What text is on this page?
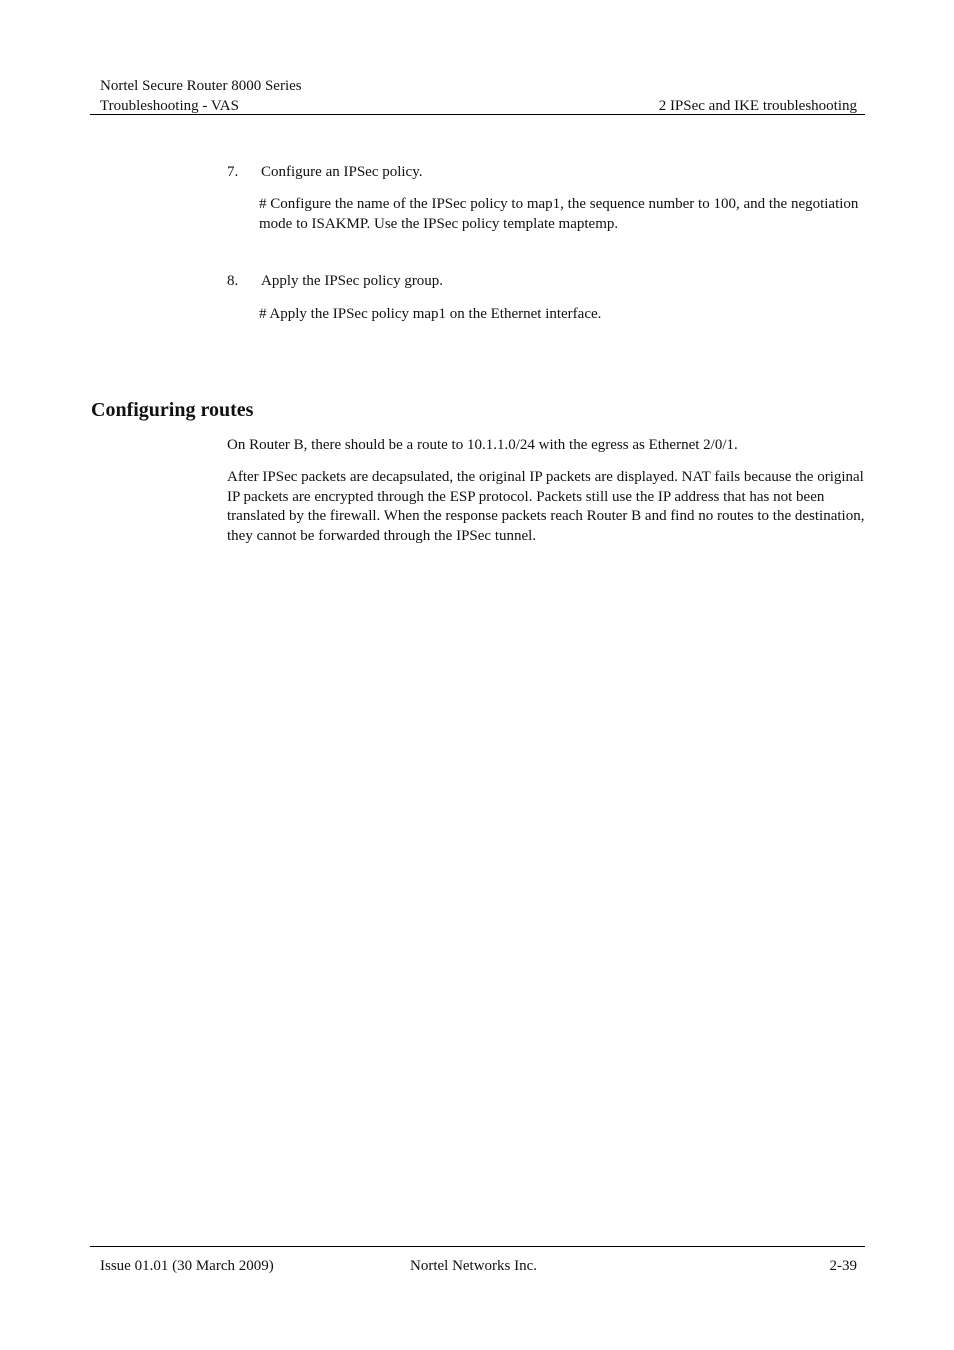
Nortel Secure Router 8000 Series
Troubleshooting - VAS	2 IPSec and IKE troubleshooting
7. Configure an IPSec policy.
# Configure the name of the IPSec policy to map1, the sequence number to 100, and the negotiation mode to ISAKMP. Use the IPSec policy template maptemp.
8. Apply the IPSec policy group.
# Apply the IPSec policy map1 on the Ethernet interface.
Configuring routes

On Router B, there should be a route to 10.1.1.0/24 with the egress as Ethernet 2/0/1.

After IPSec packets are decapsulated, the original IP packets are displayed. NAT fails because the original IP packets are encrypted through the ESP protocol. Packets still use the IP address that has not been translated by the firewall. When the response packets reach Router B and find no routes to the destination, they cannot be forwarded through the IPSec tunnel.

Issue 01.01 (30 March 2009)	Nortel Networks Inc.	2-39
